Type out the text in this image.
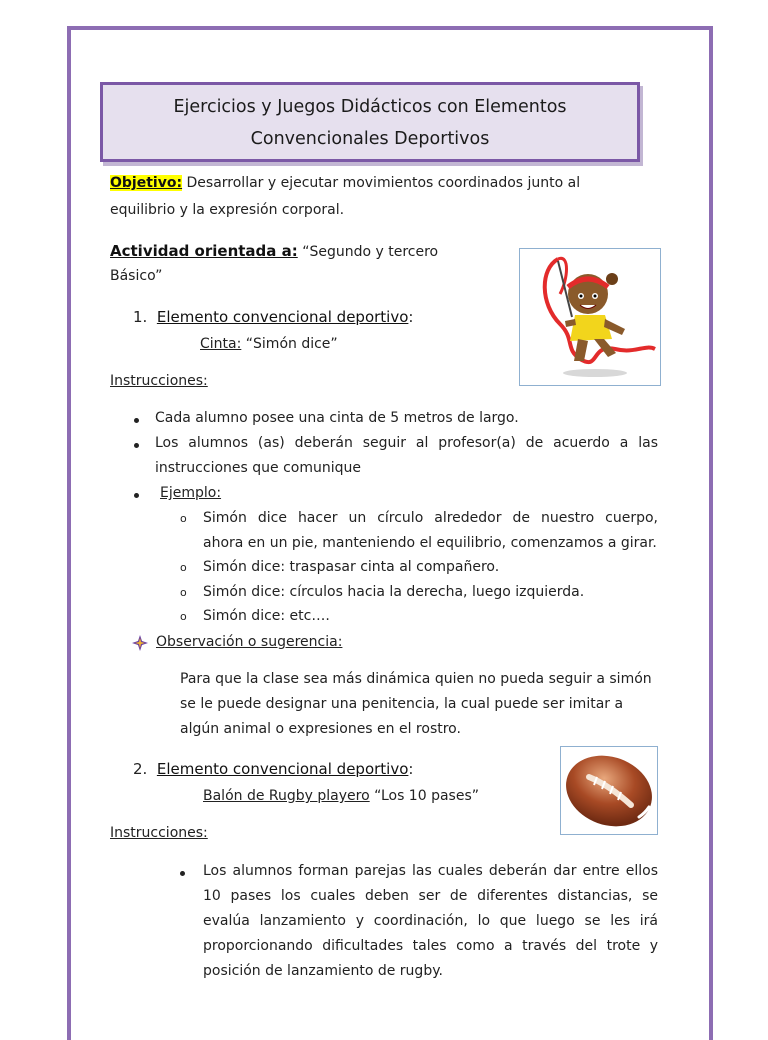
Ejercicios y Juegos Didácticos con Elementos
Convencionales Deportivos
Objetivo: Desarrollar y ejecutar movimientos coordinados junto al
equilibrio y la expresión corporal.
Actividad orientada a: “Segundo y tercero
Básico”
1. Elemento convencional deportivo:
Cinta: “Simón dice”
Instrucciones:
Cada alumno posee una cinta de 5 metros de largo.
Los alumnos (as) deberán seguir al profesor(a) de acuerdo a las
instrucciones que comunique
Ejemplo:
o Simón dice hacer un círculo alrededor de nuestro cuerpo,
ahora en un pie, manteniendo el equilibrio, comenzamos a girar.
o Simón dice: traspasar cinta al compañero.
o Simón dice: círculos hacia la derecha, luego izquierda.
o Simón dice: etc….
Observación o sugerencia:
Para que la clase sea más dinámica quien no pueda seguir a simón
se le puede designar una penitencia, la cual puede ser imitar a
algún animal o expresiones en el rostro.
2. Elemento convencional deportivo:
Balón de Rugby playero “Los 10 pases”
Instrucciones:
Los alumnos forman parejas las cuales deberán dar entre ellos
10 pases los cuales deben ser de diferentes distancias, se
evalúa lanzamiento y coordinación, lo que luego se les irá
proporcionando dificultades tales como a través del trote y
posición de lanzamiento de rugby.
